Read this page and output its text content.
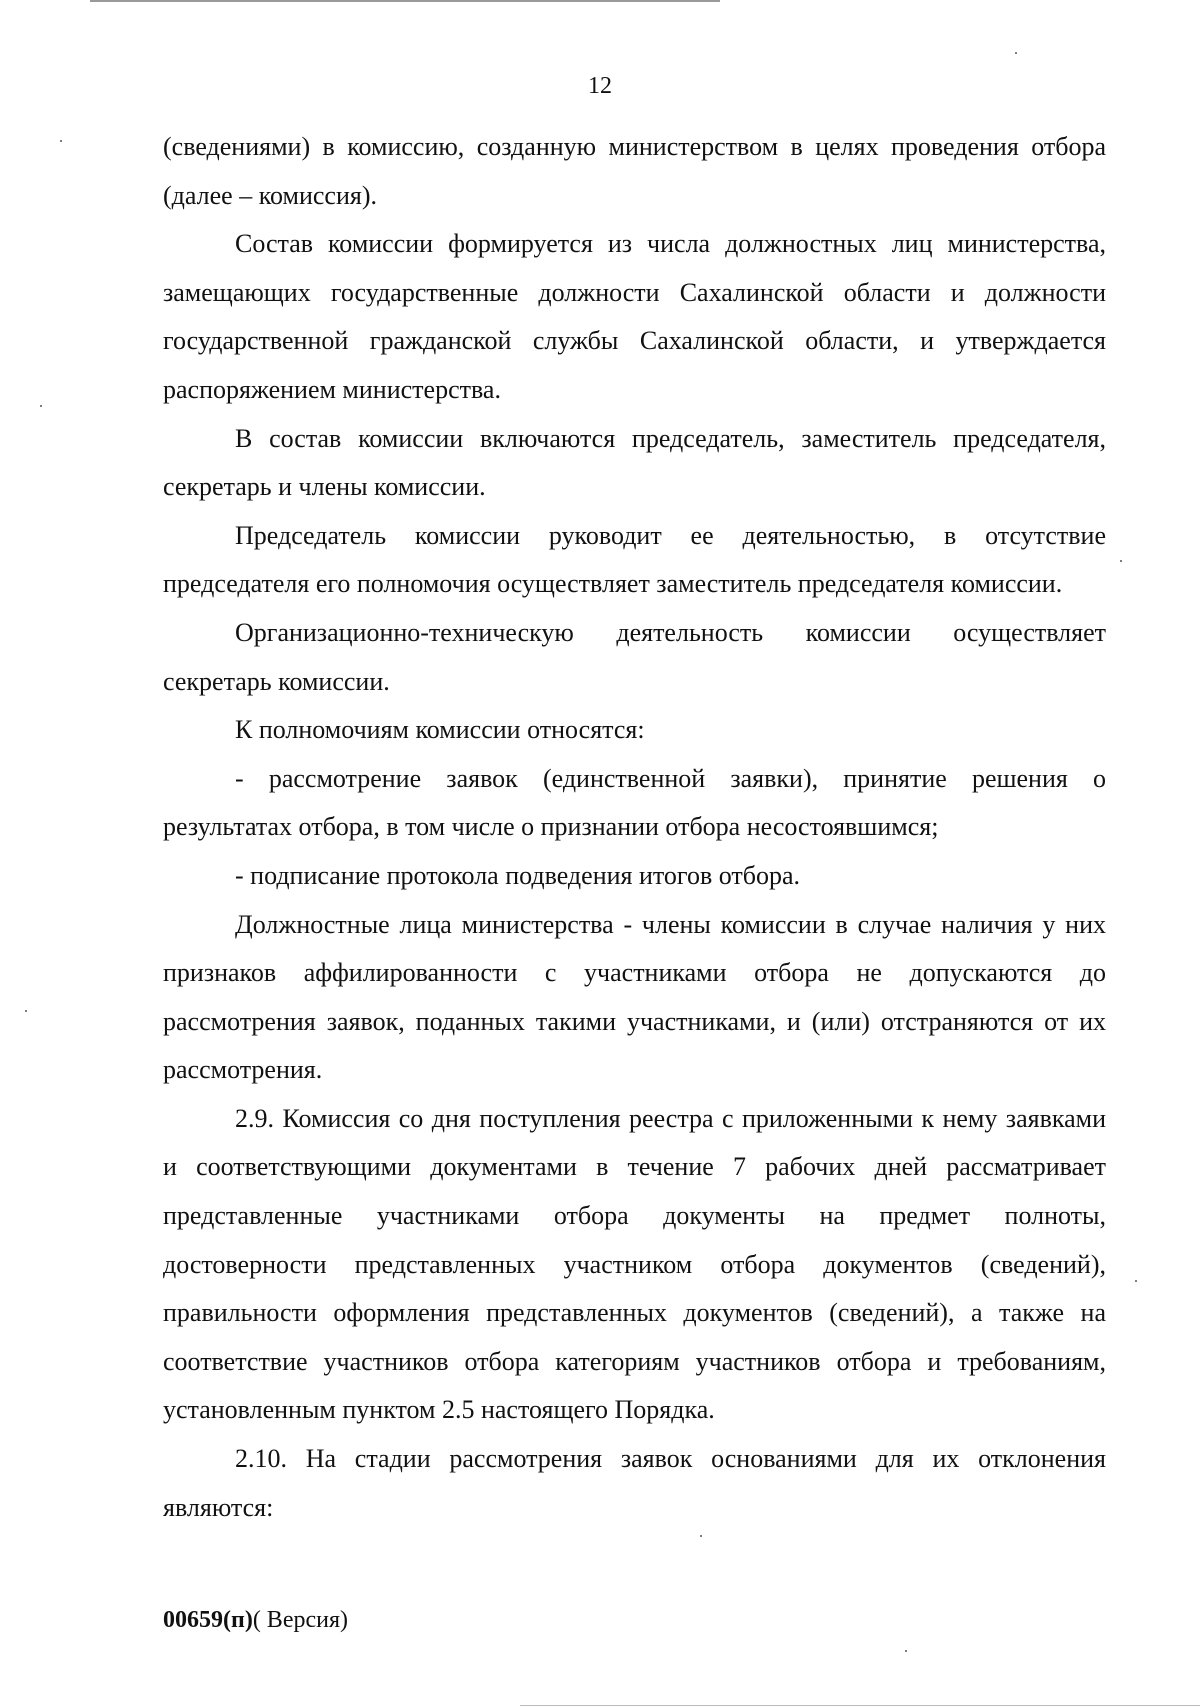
12

(сведениями) в комиссию, созданную министерством в целях проведения отбора (далее – комиссия).

Состав комиссии формируется из числа должностных лиц министерства, замещающих государственные должности Сахалинской области и должности государственной гражданской службы Сахалинской области, и утверждается распоряжением министерства.

В состав комиссии включаются председатель, заместитель председателя, секретарь и члены комиссии.

Председатель комиссии руководит ее деятельностью, в отсутствие председателя его полномочия осуществляет заместитель председателя комиссии.

Организационно-техническую деятельность комиссии осуществляет секретарь комиссии.

К полномочиям комиссии относятся:

- рассмотрение заявок (единственной заявки), принятие решения о результатах отбора, в том числе о признании отбора несостоявшимся;

- подписание протокола подведения итогов отбора.

Должностные лица министерства - члены комиссии в случае наличия у них признаков аффилированности с участниками отбора не допускаются до рассмотрения заявок, поданных такими участниками, и (или) отстраняются от их рассмотрения.

2.9. Комиссия со дня поступления реестра с приложенными к нему заявками и соответствующими документами в течение 7 рабочих дней рассматривает представленные участниками отбора документы на предмет полноты, достоверности представленных участником отбора документов (сведений), правильности оформления представленных документов (сведений), а также на соответствие участников отбора категориям участников отбора и требованиям, установленным пунктом 2.5 настоящего Порядка.

2.10. На стадии рассмотрения заявок основаниями для их отклонения являются:

00659(п)( Версия)
